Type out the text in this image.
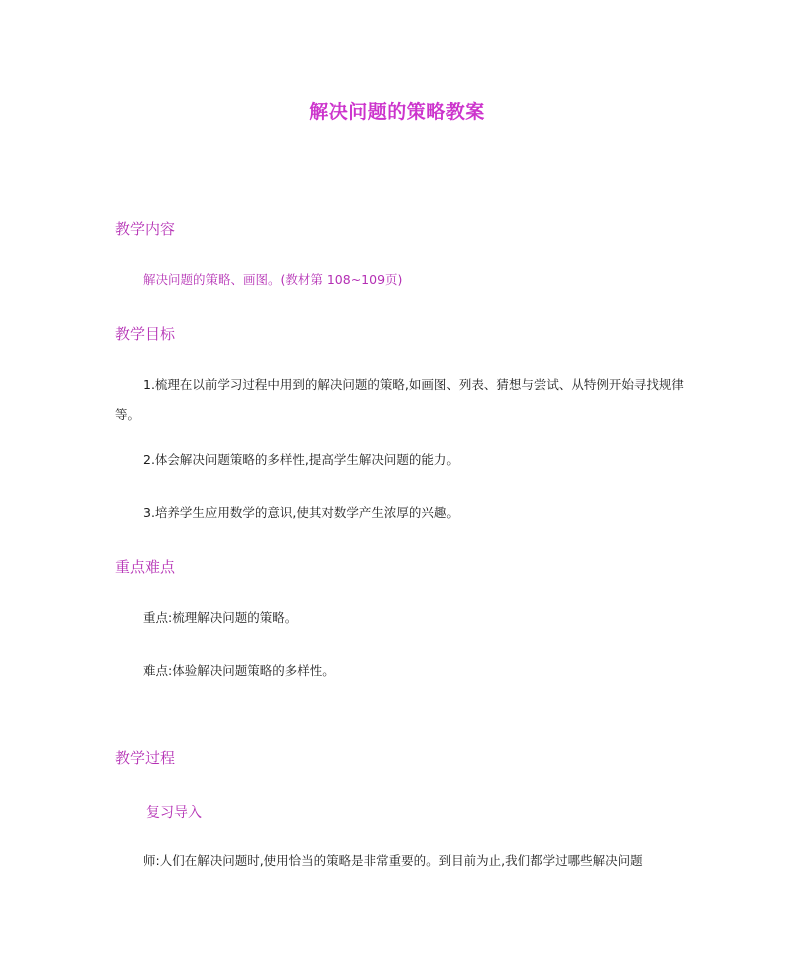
解决问题的策略教案
教学内容

解决问题的策略、画图。(教材第 108~109页)

教学目标

1.梳理在以前学习过程中用到的解决问题的策略,如画图、列表、猜想与尝试、从特例开始寻找规律等。

2.体会解决问题策略的多样性,提高学生解决问题的能力。

3.培养学生应用数学的意识,使其对数学产生浓厚的兴趣。

重点难点

重点:梳理解决问题的策略。

难点:体验解决问题策略的多样性。

教学过程
复习导入

师:人们在解决问题时,使用恰当的策略是非常重要的。到目前为止,我们都学过哪些解决问题
